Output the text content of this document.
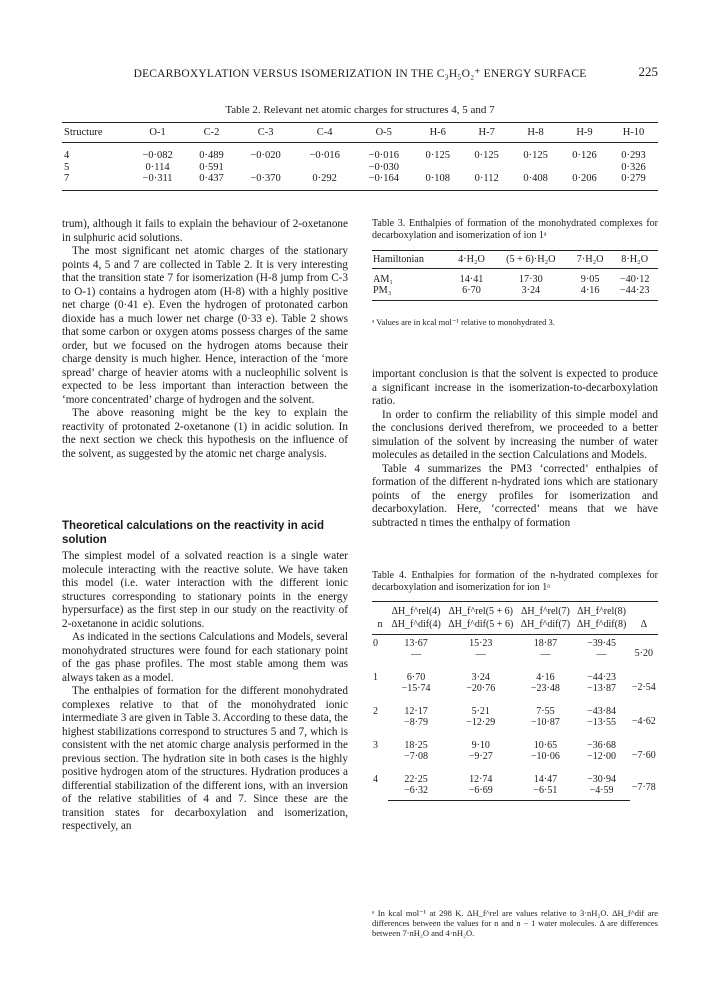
DECARBOXYLATION VERSUS ISOMERIZATION IN THE C₃H₅O₂⁺ ENERGY SURFACE	225
Table 2. Relevant net atomic charges for structures 4, 5 and 7
Structure	O-1	C-2	C-3	C-4	O-5	H-6	H-7	H-8	H-9	H-10
4	−0·082	0·489	−0·020	−0·016	−0·016	0·125	0·125	0·125	0·126	0·293
5	0·114	0·591			−0·030					0·326
7	−0·311	0·437	−0·370	0·292	−0·164	0·108	0·112	0·408	0·206	0·279

trum), although it fails to explain the behaviour of 2-oxetanone in sulphuric acid solutions.

The most significant net atomic charges of the stationary points 4, 5 and 7 are collected in Table 2. It is very interesting that the transition state 7 for isomerization (H-8 jump from C-3 to O-1) contains a hydrogen atom (H-8) with a highly positive net charge (0·41 e). Even the hydrogen of protonated carbon dioxide has a much lower net charge (0·33 e). Table 2 shows that some carbon or oxygen atoms possess charges of the same order, but we focused on the hydrogen atoms because their charge density is much higher. Hence, interaction of the ‘more spread’ charge of heavier atoms with a nucleophilic solvent is expected to be less important than interaction between the ‘more concentrated’ charge of hydrogen and the solvent.

The above reasoning might be the key to explain the reactivity of protonated 2-oxetanone (1) in acidic solution. In the next section we check this hypothesis on the influence of the solvent, as suggested by the atomic net charge analysis.

Theoretical calculations on the reactivity in acid solution

The simplest model of a solvated reaction is a single water molecule interacting with the reactive solute. We have taken this model (i.e. water interaction with the different ionic structures corresponding to stationary points in the energy hypersurface) as the first step in our study on the reactivity of 2-oxetanone in acidic solutions.

As indicated in the sections Calculations and Models, several monohydrated structures were found for each stationary point of the gas phase profiles. The most stable among them was always taken as a model.

The enthalpies of formation for the different monohydrated complexes relative to that of the monohydrated ionic intermediate 3 are given in Table 3. According to these data, the highest stabilizations correspond to structures 5 and 7, which is consistent with the net atomic charge analysis performed in the previous section. The hydration site in both cases is the highly positive hydrogen atom of the structures. Hydration produces a differential stabilization of the different ions, with an inversion of the relative stabilities of 4 and 7. Since these are the transition states for decarboxylation and isomerization, respectively, an

Table 3. Enthalpies of formation of the monohydrated complexes for decarboxylation and isomerization of ion 1ᵃ
Hamiltonian	4·H₂O	(5 + 6)·H₂O	7·H₂O	8·H₂O
AM₁	14·41	17·30	9·05	−40·12
PM₃	6·70	3·24	4·16	−44·23
ᵃ Values are in kcal mol⁻¹ relative to monohydrated 3.

important conclusion is that the solvent is expected to produce a significant increase in the isomerization-to-decarboxylation ratio.

In order to confirm the reliability of this simple model and the conclusions derived therefrom, we proceeded to a better simulation of the solvent by increasing the number of water molecules as detailed in the section Calculations and Models.

Table 4 summarizes the PM3 ‘corrected’ enthalpies of formation of the different n-hydrated ions which are stationary points of the energy profiles for isomerization and decarboxylation. Here, ‘corrected’ means that we have subtracted n times the enthalpy of formation

Table 4. Enthalpies for formation of the n-hydrated complexes for decarboxylation and isomerization for ion 1ᵃ
	ΔH_f^rel(4)	ΔH_f^rel(5 + 6)	ΔH_f^rel(7)	ΔH_f^rel(8)	
n	ΔH_f^dif(4)	ΔH_f^dif(5 + 6)	ΔH_f^dif(7)	ΔH_f^dif(8)	Δ
0	13·67	15·23	18·87	−39·45	5·20
	—	—	—	—	
1	6·70	3·24	4·16	−44·23	−2·54
	−15·74	−20·76	−23·48	−13·87	
2	12·17	5·21	7·55	−43·84	−4·62
	−8·79	−12·29	−10·87	−13·55	
3	18·25	9·10	10·65	−36·68	−7·60
	−7·08	−9·27	−10·06	−12·00	
4	22·25	12·74	14·47	−30·94	−7·78
	−6·32	−6·69	−6·51	−4·59	
ᵃ In kcal mol⁻¹ at 298 K. ΔH_f^rel are values relative to 3·nH₂O. ΔH_f^dif are differences between the values for n and n − 1 water molecules. Δ are differences between 7·nH₂O and 4·nH₂O.
